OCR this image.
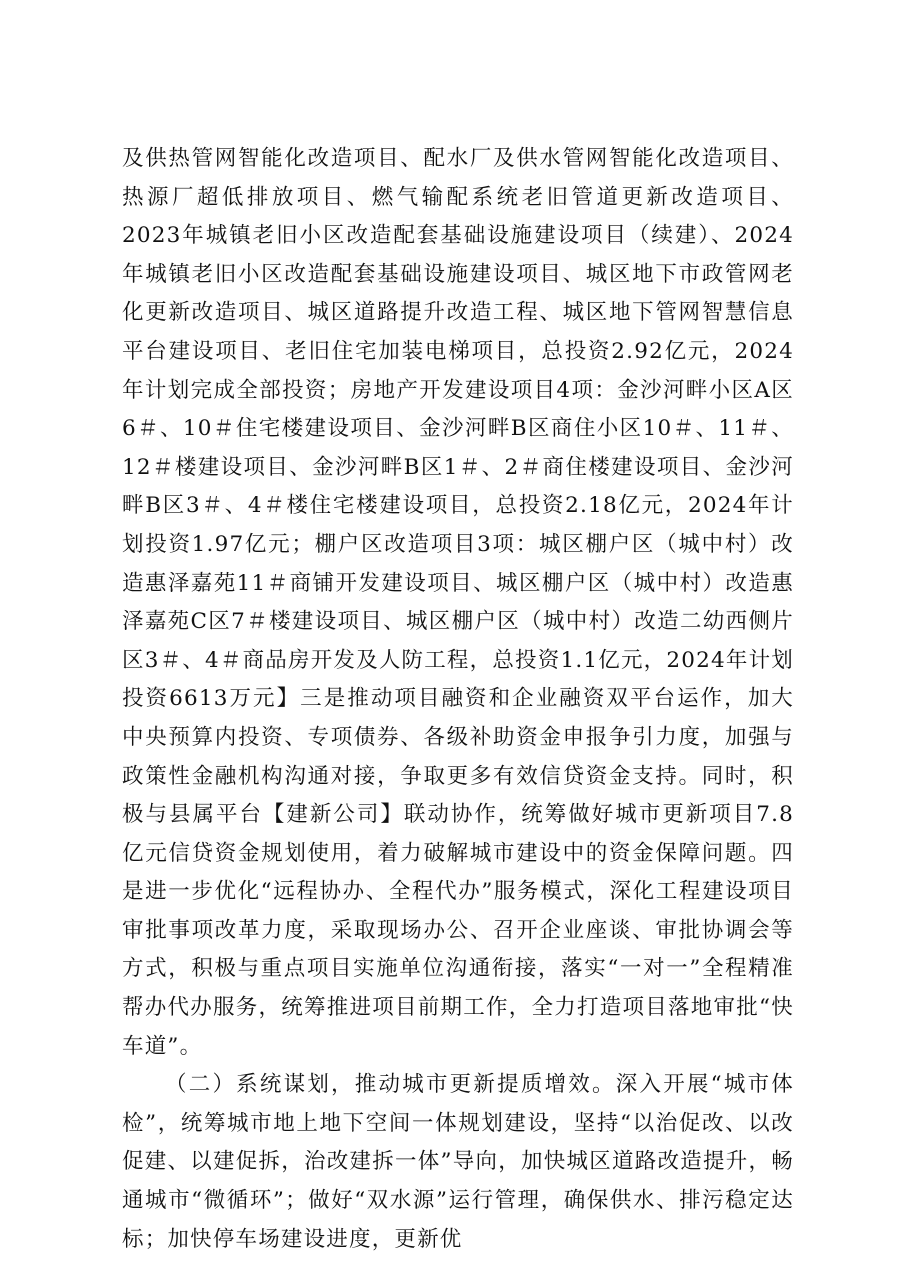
及供热管网智能化改造项目、配水厂及供水管网智能化改造项目、热源厂超低排放项目、燃气输配系统老旧管道更新改造项目、2023年城镇老旧小区改造配套基础设施建设项目（续建）、2024年城镇老旧小区改造配套基础设施建设项目、城区地下市政管网老化更新改造项目、城区道路提升改造工程、城区地下管网智慧信息平台建设项目、老旧住宅加装电梯项目，总投资2.92亿元，2024年计划完成全部投资；房地产开发建设项目4项：金沙河畔小区A区6＃、10＃住宅楼建设项目、金沙河畔B区商住小区10＃、11＃、12＃楼建设项目、金沙河畔B区1＃、2＃商住楼建设项目、金沙河畔B区3＃、4＃楼住宅楼建设项目，总投资2.18亿元，2024年计划投资1.97亿元；棚户区改造项目3项：城区棚户区（城中村）改造惠泽嘉苑11＃商铺开发建设项目、城区棚户区（城中村）改造惠泽嘉苑C区7＃楼建设项目、城区棚户区（城中村）改造二幼西侧片区3＃、4＃商品房开发及人防工程，总投资1.1亿元，2024年计划投资6613万元】三是推动项目融资和企业融资双平台运作，加大中央预算内投资、专项债券、各级补助资金申报争引力度，加强与政策性金融机构沟通对接，争取更多有效信贷资金支持。同时，积极与县属平台【建新公司】联动协作，统筹做好城市更新项目7.8亿元信贷资金规划使用，着力破解城市建设中的资金保障问题。四是进一步优化“远程协办、全程代办”服务模式，深化工程建设项目审批事项改革力度，采取现场办公、召开企业座谈、审批协调会等方式，积极与重点项目实施单位沟通衔接，落实“一对一”全程精准帮办代办服务，统筹推进项目前期工作，全力打造项目落地审批“快车道”。

（二）系统谋划，推动城市更新提质增效。深入开展“城市体检”，统筹城市地上地下空间一体规划建设，坚持“以治促改、以改促建、以建促拆，治改建拆一体”导向，加快城区道路改造提升，畅通城市“微循环”；做好“双水源”运行管理，确保供水、排污稳定达标；加快停车场建设进度，更新优
